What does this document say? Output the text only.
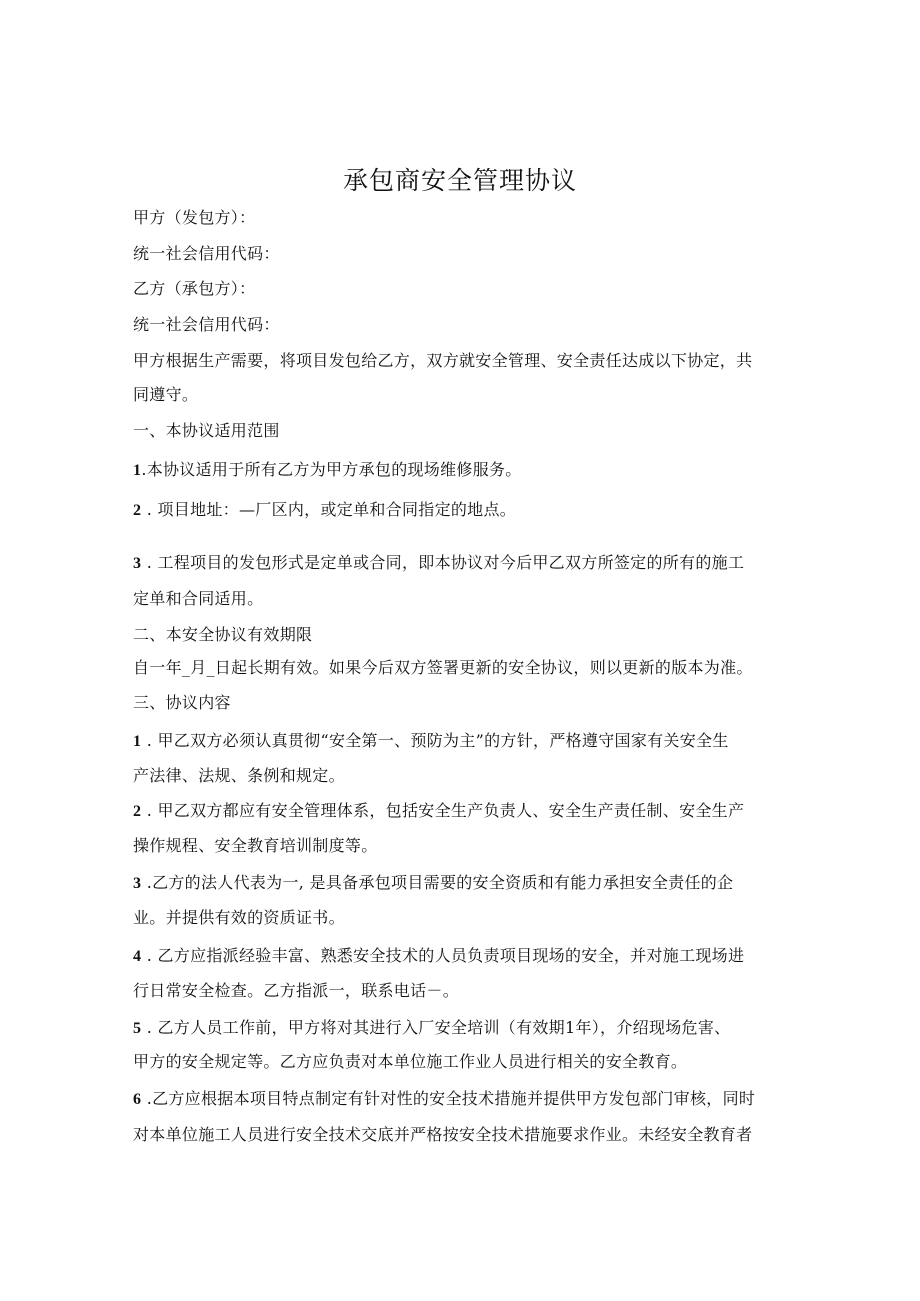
承包商安全管理协议
甲方（发包方）：
统一社会信用代码：
乙方（承包方）：
统一社会信用代码：
甲方根据生产需要，将项目发包给乙方，双方就安全管理、安全责任达成以下协定，共
同遵守。
一、本协议适用范围
1.本协议适用于所有乙方为甲方承包的现场维修服务。
2 . 项目地址：—厂区内，或定单和合同指定的地点。
3 . 工程项目的发包形式是定单或合同，即本协议对今后甲乙双方所签定的所有的施工
定单和合同适用。
二、本安全协议有效期限
自一年_月_日起长期有效。如果今后双方签署更新的安全协议，则以更新的版本为准。
三、协议内容
1 . 甲乙双方必须认真贯彻“安全第一、预防为主”的方针，严格遵守国家有关安全生
产法律、法规、条例和规定。
2 . 甲乙双方都应有安全管理体系，包括安全生产负责人、安全生产责任制、安全生产
操作规程、安全教育培训制度等。
3 .乙方的法人代表为一, 是具备承包项目需要的安全资质和有能力承担安全责任的企
业。并提供有效的资质证书。
4 . 乙方应指派经验丰富、熟悉安全技术的人员负责项目现场的安全，并对施工现场进
行日常安全检查。乙方指派一，联系电话－。
5 . 乙方人员工作前，甲方将对其进行入厂安全培训（有效期1年），介绍现场危害、
甲方的安全规定等。乙方应负责对本单位施工作业人员进行相关的安全教育。
6 .乙方应根据本项目特点制定有针对性的安全技术措施并提供甲方发包部门审核，同时
对本单位施工人员进行安全技术交底并严格按安全技术措施要求作业。未经安全教育者
